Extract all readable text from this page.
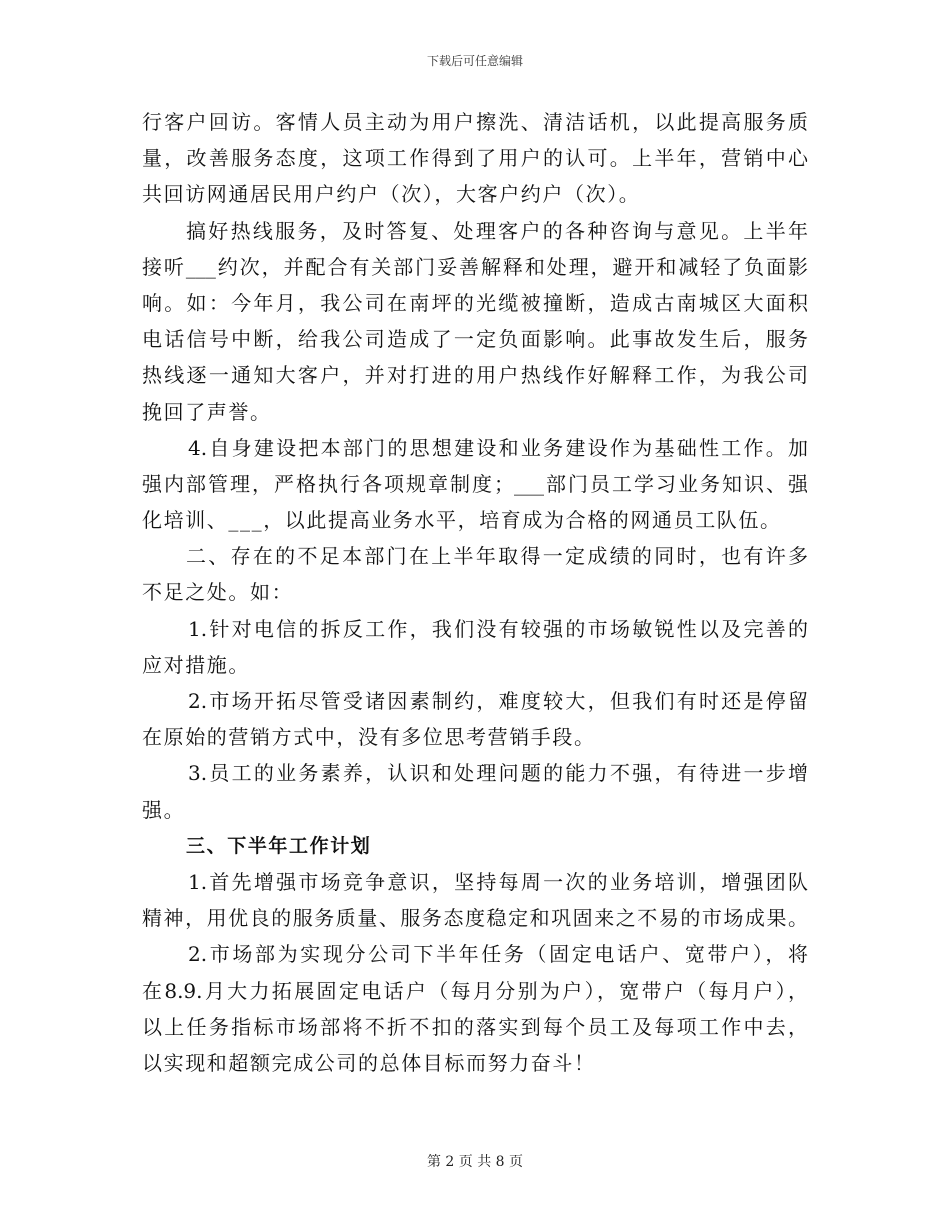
下载后可任意编辑
行客户回访。客情人员主动为用户擦洗、清洁话机，以此提高服务质
量，改善服务态度，这项工作得到了用户的认可。上半年，营销中心
共回访网通居民用户约户（次），大客户约户（次）。
搞好热线服务，及时答复、处理客户的各种咨询与意见。上半年
接听___约次，并配合有关部门妥善解释和处理，避开和减轻了负面影
响。如：今年月，我公司在南坪的光缆被撞断，造成古南城区大面积
电话信号中断，给我公司造成了一定负面影响。此事故发生后，服务
热线逐一通知大客户，并对打进的用户热线作好解释工作，为我公司
挽回了声誉。
4.自身建设把本部门的思想建设和业务建设作为基础性工作。加
强内部管理，严格执行各项规章制度；___部门员工学习业务知识、强
化培训、___，以此提高业务水平，培育成为合格的网通员工队伍。
二、存在的不足本部门在上半年取得一定成绩的同时，也有许多
不足之处。如：
1.针对电信的拆反工作，我们没有较强的市场敏锐性以及完善的
应对措施。
2.市场开拓尽管受诸因素制约，难度较大，但我们有时还是停留
在原始的营销方式中，没有多位思考营销手段。
3.员工的业务素养，认识和处理问题的能力不强，有待进一步增
强。
三、下半年工作计划
1.首先增强市场竞争意识，坚持每周一次的业务培训，增强团队
精神，用优良的服务质量、服务态度稳定和巩固来之不易的市场成果。
2.市场部为实现分公司下半年任务（固定电话户、宽带户），将
在8.9.月大力拓展固定电话户（每月分别为户），宽带户（每月户），
以上任务指标市场部将不折不扣的落实到每个员工及每项工作中去，
以实现和超额完成公司的总体目标而努力奋斗！
第 2 页 共 8 页
